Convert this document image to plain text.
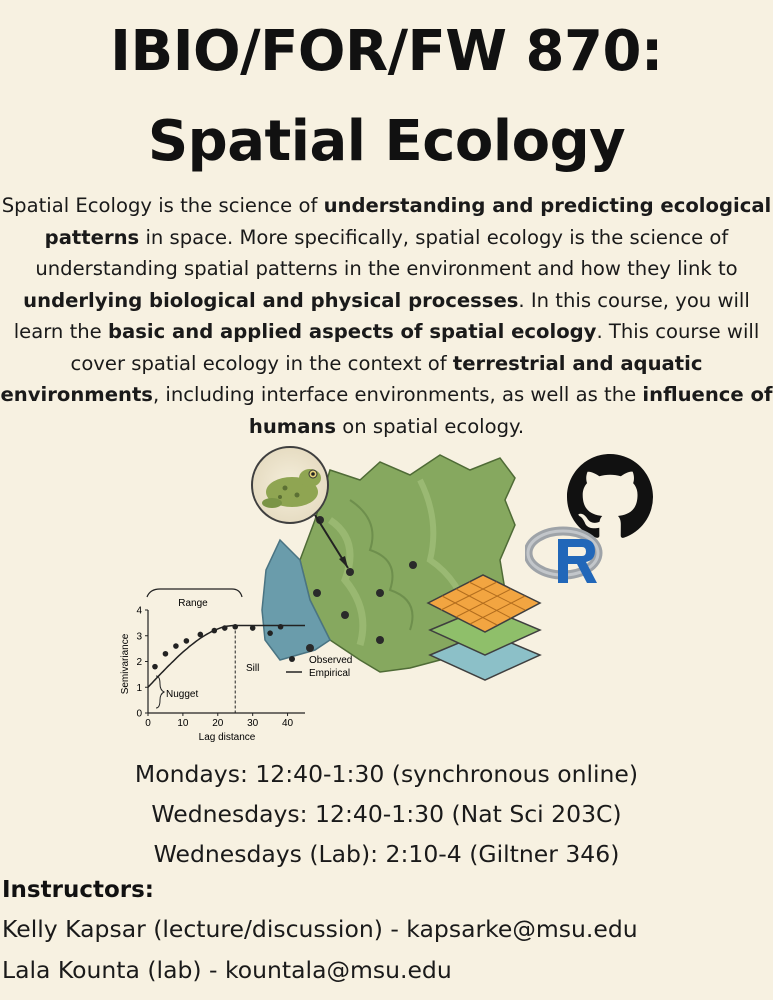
IBIO/FOR/FW 870:
Spatial Ecology

Spatial Ecology is the science of understanding and predicting ecological patterns in space. More specifically, spatial ecology is the science of understanding spatial patterns in the environment and how they link to underlying biological and physical processes. In this course, you will learn the basic and applied aspects of spatial ecology. This course will cover spatial ecology in the context of terrestrial and aquatic environments, including interface environments, as well as the influence of humans on spatial ecology.

Range
Sill
Nugget
Semivariance
Lag distance
Observed
Empirical
0	10 20 30 40
0
1
2
3
4

Mondays: 12:40-1:30 (synchronous online)

Wednesdays: 12:40-1:30 (Nat Sci 203C)

Wednesdays (Lab): 2:10-4 (Giltner 346)

Instructors:

Kelly Kapsar (lecture/discussion) - kapsarke@msu.edu

Lala Kounta (lab) - kountala@msu.edu
